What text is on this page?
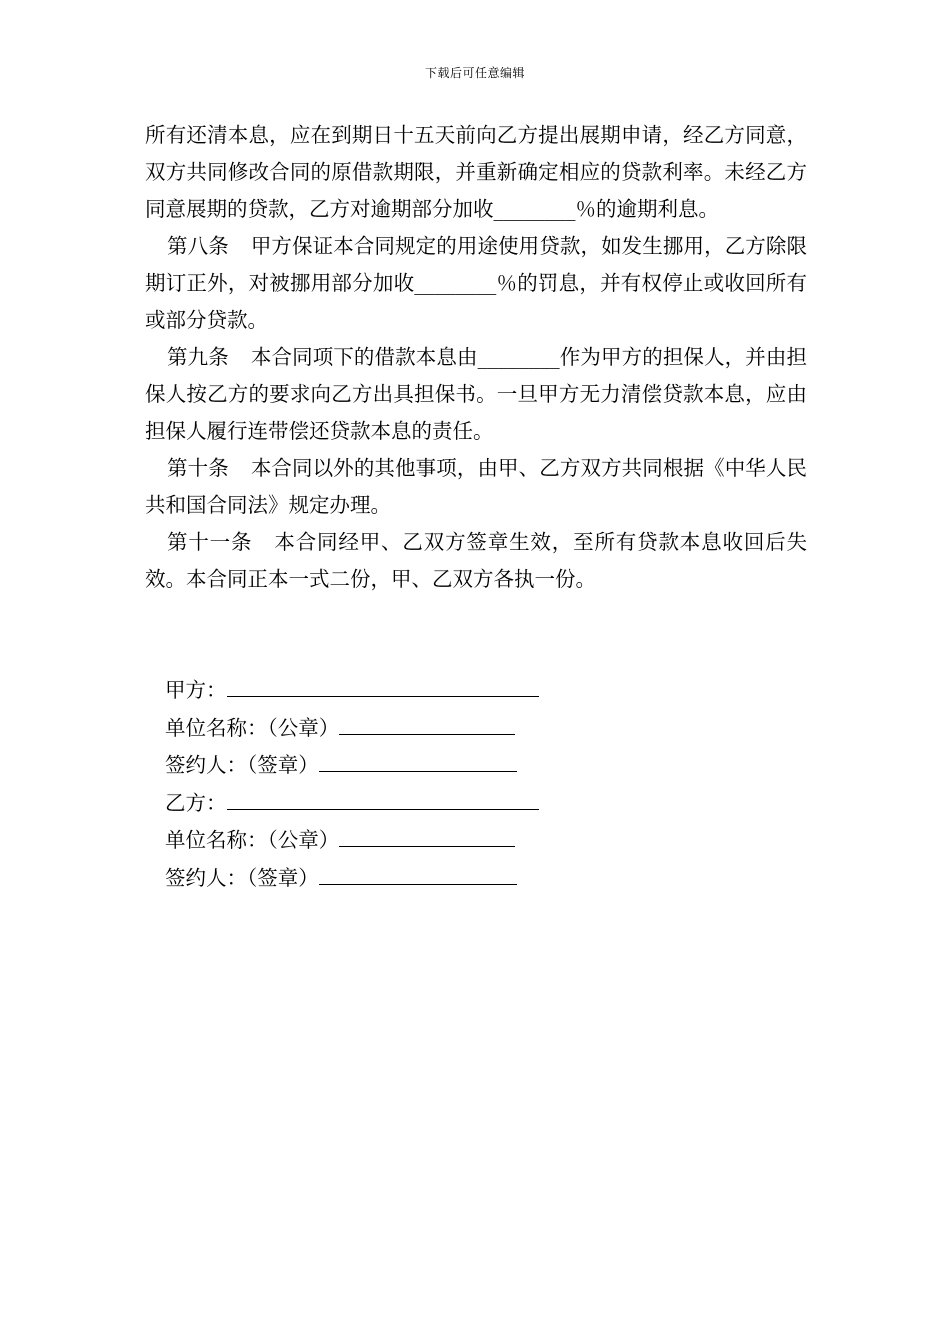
下载后可任意编辑

所有还清本息，应在到期日十五天前向乙方提出展期申请，经乙方同意，双方共同修改合同的原借款期限，并重新确定相应的贷款利率。未经乙方同意展期的贷款，乙方对逾期部分加收________％的逾期利息。

第八条 甲方保证本合同规定的用途使用贷款，如发生挪用，乙方除限期订正外，对被挪用部分加收________％的罚息，并有权停止或收回所有或部分贷款。

第九条 本合同项下的借款本息由________作为甲方的担保人，并由担保人按乙方的要求向乙方出具担保书。一旦甲方无力清偿贷款本息，应由担保人履行连带偿还贷款本息的责任。

第十条 本合同以外的其他事项，由甲、乙方双方共同根据《中华人民共和国合同法》规定办理。

第十一条 本合同经甲、乙双方签章生效，至所有贷款本息收回后失效。本合同正本一式二份，甲、乙双方各执一份。

甲方：
单位名称：（公章）
签约人：（签章）
乙方：
单位名称：（公章）
签约人：（签章）
